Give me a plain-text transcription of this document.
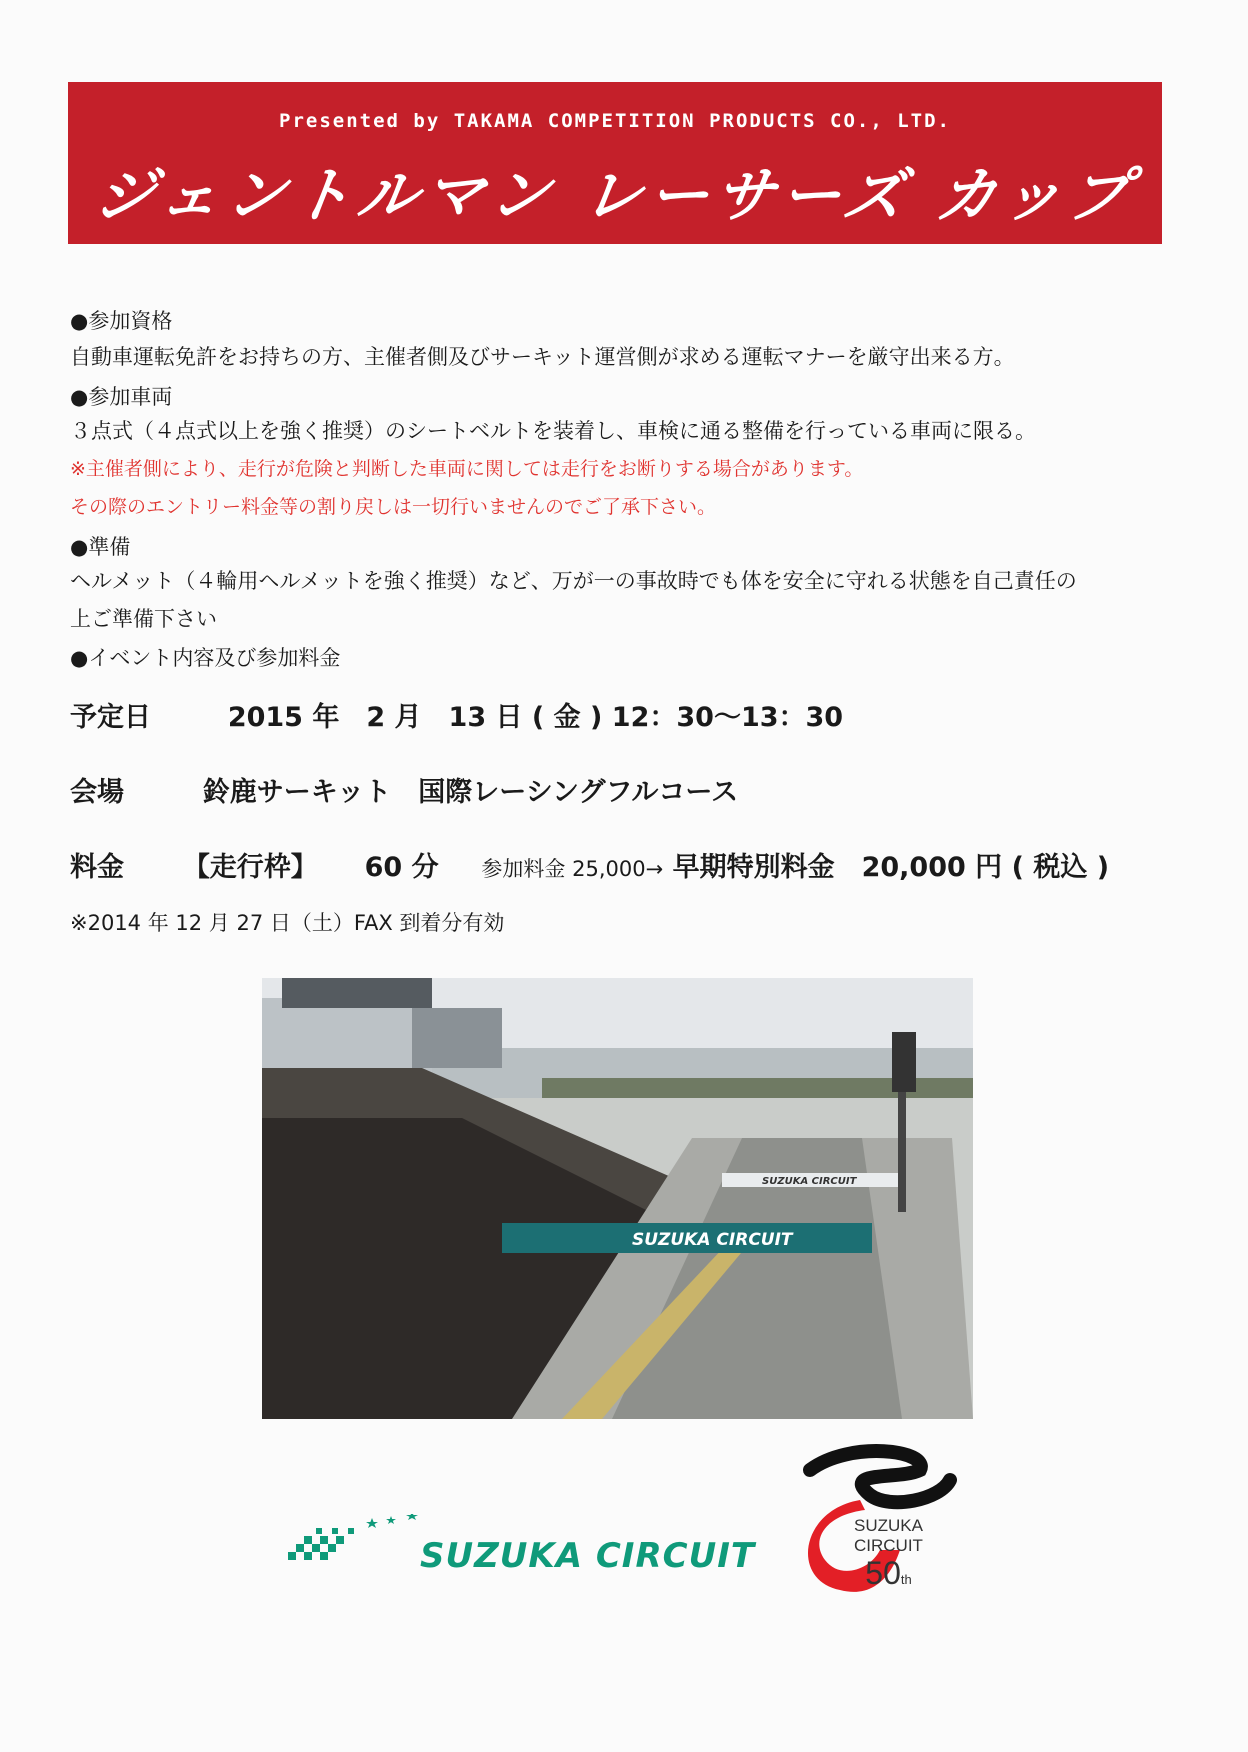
Presented by TAKAMA COMPETITION PRODUCTS CO., LTD.
ジェントルマン レーサーズ カップ
●参加資格
自動車運転免許をお持ちの方、主催者側及びサーキット運営側が求める運転マナーを厳守出来る方。
●参加車両
３点式（４点式以上を強く推奨）のシートベルトを装着し、車検に通る整備を行っている車両に限る。
※主催者側により、走行が危険と判断した車両に関しては走行をお断りする場合があります。
その際のエントリー料金等の割り戻しは一切行いませんのでご了承下さい。
●準備
ヘルメット（４輪用ヘルメットを強く推奨）など、万が一の事故時でも体を安全に守れる状態を自己責任の
上ご準備下さい
●イベント内容及び参加料金
予定日	2015 年　2 月　13 日 ( 金 ) 12：30～13：30
会場	鈴鹿サーキット　国際レーシングフルコース
料金 【走行枠】 60 分 参加料金 25,000→ 早期特別料金　20,000 円 ( 税込 )
※2014 年 12 月 27 日（土）FAX 到着分有効
SUZUKA CIRCUIT
SUZUKA CIRCUIT
SUZUKA CIRCUIT
SUZUKA
CIRCUIT
50th
